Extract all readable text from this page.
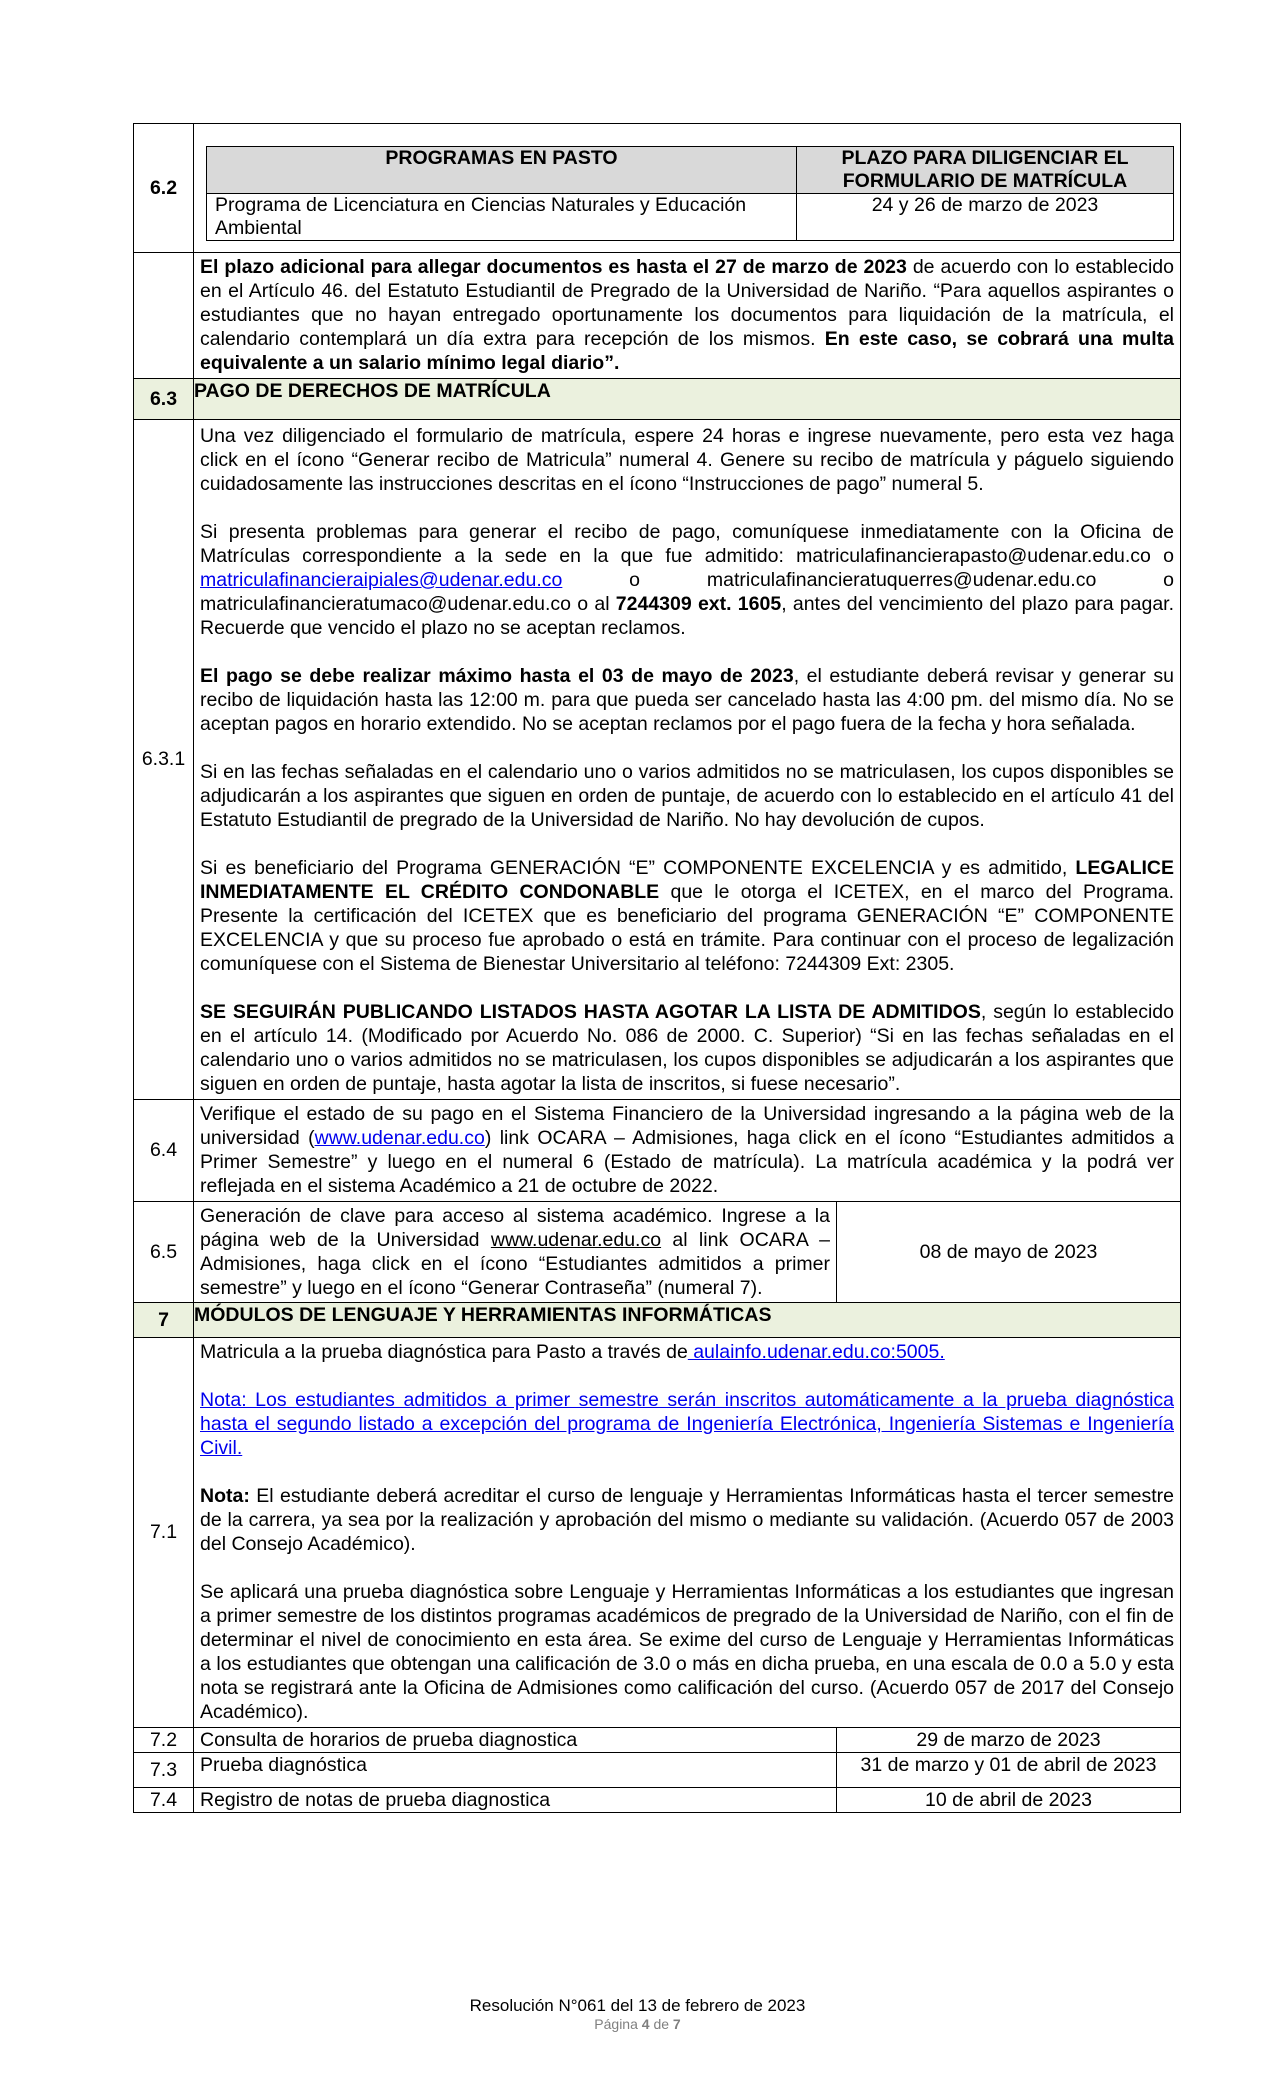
6.2	
PROGRAMAS EN PASTO	PLAZO PARA DILIGENCIAR EL FORMULARIO DE MATRÍCULA
Programa de Licenciatura en Ciencias Naturales y Educación Ambiental	24 y 26 de marzo de 2023

El plazo adicional para allegar documentos es hasta el 27 de marzo de 2023 de acuerdo con lo establecido en el Artículo 46. del Estatuto Estudiantil de Pregrado de la Universidad de Nariño. “Para aquellos aspirantes o estudiantes que no hayan entregado oportunamente los documentos para liquidación de la matrícula, el calendario contemplará un día extra para recepción de los mismos. En este caso, se cobrará una multa equivalente a un salario mínimo legal diario”.

6.3	PAGO DE DERECHOS DE MATRÍCULA
6.3.1	

Una vez diligenciado el formulario de matrícula, espere 24 horas e ingrese nuevamente, pero esta vez haga click en el ícono “Generar recibo de Matricula” numeral 4. Genere su recibo de matrícula y páguelo siguiendo cuidadosamente las instrucciones descritas en el ícono “Instrucciones de pago” numeral 5.

Si presenta problemas para generar el recibo de pago, comuníquese inmediatamente con la Oficina de Matrículas correspondiente a la sede en la que fue admitido: matriculafinancierapasto@udenar.edu.co o matriculafinancieraipiales@udenar.edu.co o matriculafinancieratuquerres@udenar.edu.co o matriculafinancieratumaco@udenar.edu.co o al 7244309 ext. 1605, antes del vencimiento del plazo para pagar. Recuerde que vencido el plazo no se aceptan reclamos.

El pago se debe realizar máximo hasta el 03 de mayo de 2023, el estudiante deberá revisar y generar su recibo de liquidación hasta las 12:00 m. para que pueda ser cancelado hasta las 4:00 pm. del mismo día. No se aceptan pagos en horario extendido. No se aceptan reclamos por el pago fuera de la fecha y hora señalada.

Si en las fechas señaladas en el calendario uno o varios admitidos no se matriculasen, los cupos disponibles se adjudicarán a los aspirantes que siguen en orden de puntaje, de acuerdo con lo establecido en el artículo 41 del Estatuto Estudiantil de pregrado de la Universidad de Nariño. No hay devolución de cupos.

Si es beneficiario del Programa GENERACIÓN “E” COMPONENTE EXCELENCIA y es admitido, LEGALICE INMEDIATAMENTE EL CRÉDITO CONDONABLE que le otorga el ICETEX, en el marco del Programa. Presente la certificación del ICETEX que es beneficiario del programa GENERACIÓN “E” COMPONENTE EXCELENCIA y que su proceso fue aprobado o está en trámite. Para continuar con el proceso de legalización comuníquese con el Sistema de Bienestar Universitario al teléfono: 7244309 Ext: 2305.

SE SEGUIRÁN PUBLICANDO LISTADOS HASTA AGOTAR LA LISTA DE ADMITIDOS, según lo establecido en el artículo 14. (Modificado por Acuerdo No. 086 de 2000. C. Superior) “Si en las fechas señaladas en el calendario uno o varios admitidos no se matriculasen, los cupos disponibles se adjudicarán a los aspirantes que siguen en orden de puntaje, hasta agotar la lista de inscritos, si fuese necesario”.

6.4	
Verifique el estado de su pago en el Sistema Financiero de la Universidad ingresando a la página web de la universidad (www.udenar.edu.co) link OCARA – Admisiones, haga click en el ícono “Estudiantes admitidos a Primer Semestre” y luego en el numeral 6 (Estado de matrícula). La matrícula académica y la podrá ver reflejada en el sistema Académico a 21 de octubre de 2022.

6.5	Generación de clave para acceso al sistema académico. Ingrese a la página web de la Universidad www.udenar.edu.co al link OCARA – Admisiones, haga click en el ícono “Estudiantes admitidos a primer semestre” y luego en el ícono “Generar Contraseña” (numeral 7).	08 de mayo de 2023
7	MÓDULOS DE LENGUAJE Y HERRAMIENTAS INFORMÁTICAS
7.1	

Matricula a la prueba diagnóstica para Pasto a través de aulainfo.udenar.edu.co:5005.

Nota: Los estudiantes admitidos a primer semestre serán inscritos automáticamente a la prueba diagnóstica hasta el segundo listado a excepción del programa de Ingeniería Electrónica, Ingeniería Sistemas e Ingeniería Civil.

Nota: El estudiante deberá acreditar el curso de lenguaje y Herramientas Informáticas hasta el tercer semestre de la carrera, ya sea por la realización y aprobación del mismo o mediante su validación. (Acuerdo 057 de 2003 del Consejo Académico).

Se aplicará una prueba diagnóstica sobre Lenguaje y Herramientas Informáticas a los estudiantes que ingresan a primer semestre de los distintos programas académicos de pregrado de la Universidad de Nariño, con el fin de determinar el nivel de conocimiento en esta área. Se exime del curso de Lenguaje y Herramientas Informáticas a los estudiantes que obtengan una calificación de 3.0 o más en dicha prueba, en una escala de 0.0 a 5.0 y esta nota se registrará ante la Oficina de Admisiones como calificación del curso. (Acuerdo 057 de 2017 del Consejo Académico).

7.2	Consulta de horarios de prueba diagnostica	29 de marzo de 2023
7.3	Prueba diagnóstica	31 de marzo y 01 de abril de 2023
7.4	Registro de notas de prueba diagnostica	10 de abril de 2023
Resolución N°061 del 13 de febrero de 2023
Página 4 de 7
